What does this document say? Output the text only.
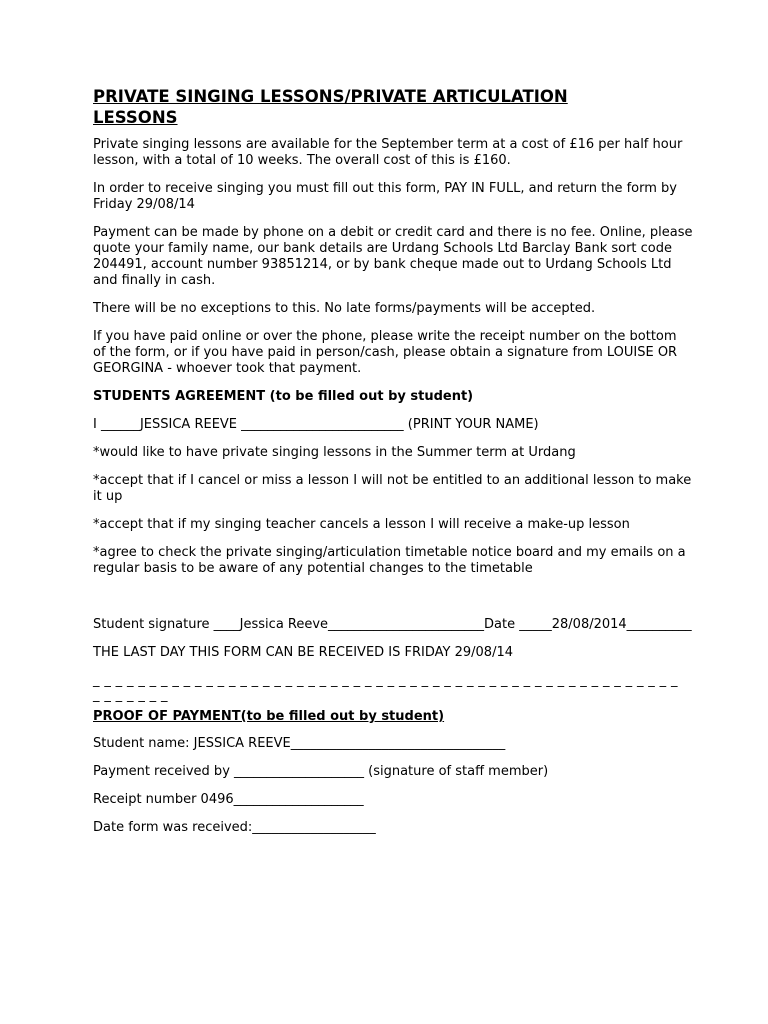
PRIVATE SINGING LESSONS/PRIVATE ARTICULATION LESSONS
Private singing lessons are available for the September term at a cost of £16 per half hour lesson, with a total of 10 weeks. The overall cost of this is £160.
In order to receive singing you must fill out this form, PAY IN FULL, and return the form by Friday 29/08/14
Payment can be made by phone on a debit or credit card and there is no fee. Online, please quote your family name, our bank details are Urdang Schools Ltd Barclay Bank sort code 204491, account number 93851214, or by bank cheque made out to Urdang Schools Ltd and finally in cash.
There will be no exceptions to this. No late forms/payments will be accepted.
If you have paid online or over the phone, please write the receipt number on the bottom of the form, or if you have paid in person/cash, please obtain a signature from LOUISE OR GEORGINA - whoever took that payment.
STUDENTS AGREEMENT (to be filled out by student)
I ______JESSICA REEVE _________________________ (PRINT YOUR NAME)
*would like to have private singing lessons in the Summer term at Urdang
*accept that if I cancel or miss a lesson I will not be entitled to an additional lesson to make it up
*accept that if my singing teacher cancels a lesson I will receive a make-up lesson
*agree to check the private singing/articulation timetable notice board and my emails on a regular basis to be aware of any potential changes to the timetable
Student signature ____Jessica Reeve________________________Date _____28/08/2014__________
THE LAST DAY THIS FORM CAN BE RECEIVED IS FRIDAY 29/08/14
_ _ _ _ _ _ _ _ _ _ _ _ _ _ _ _ _ _ _ _ _ _ _ _ _ _ _ _ _ _ _ _ _ _ _ _ _ _ _ _ _ _ _ _ _ _ _ _ _ _ _ _ _ _ _ _ _ _ _
PROOF OF PAYMENT(to be filled out by student)
Student name: JESSICA REEVE_________________________________
Payment received by ____________________ (signature of staff member)
Receipt number 0496____________________
Date form was received:___________________
